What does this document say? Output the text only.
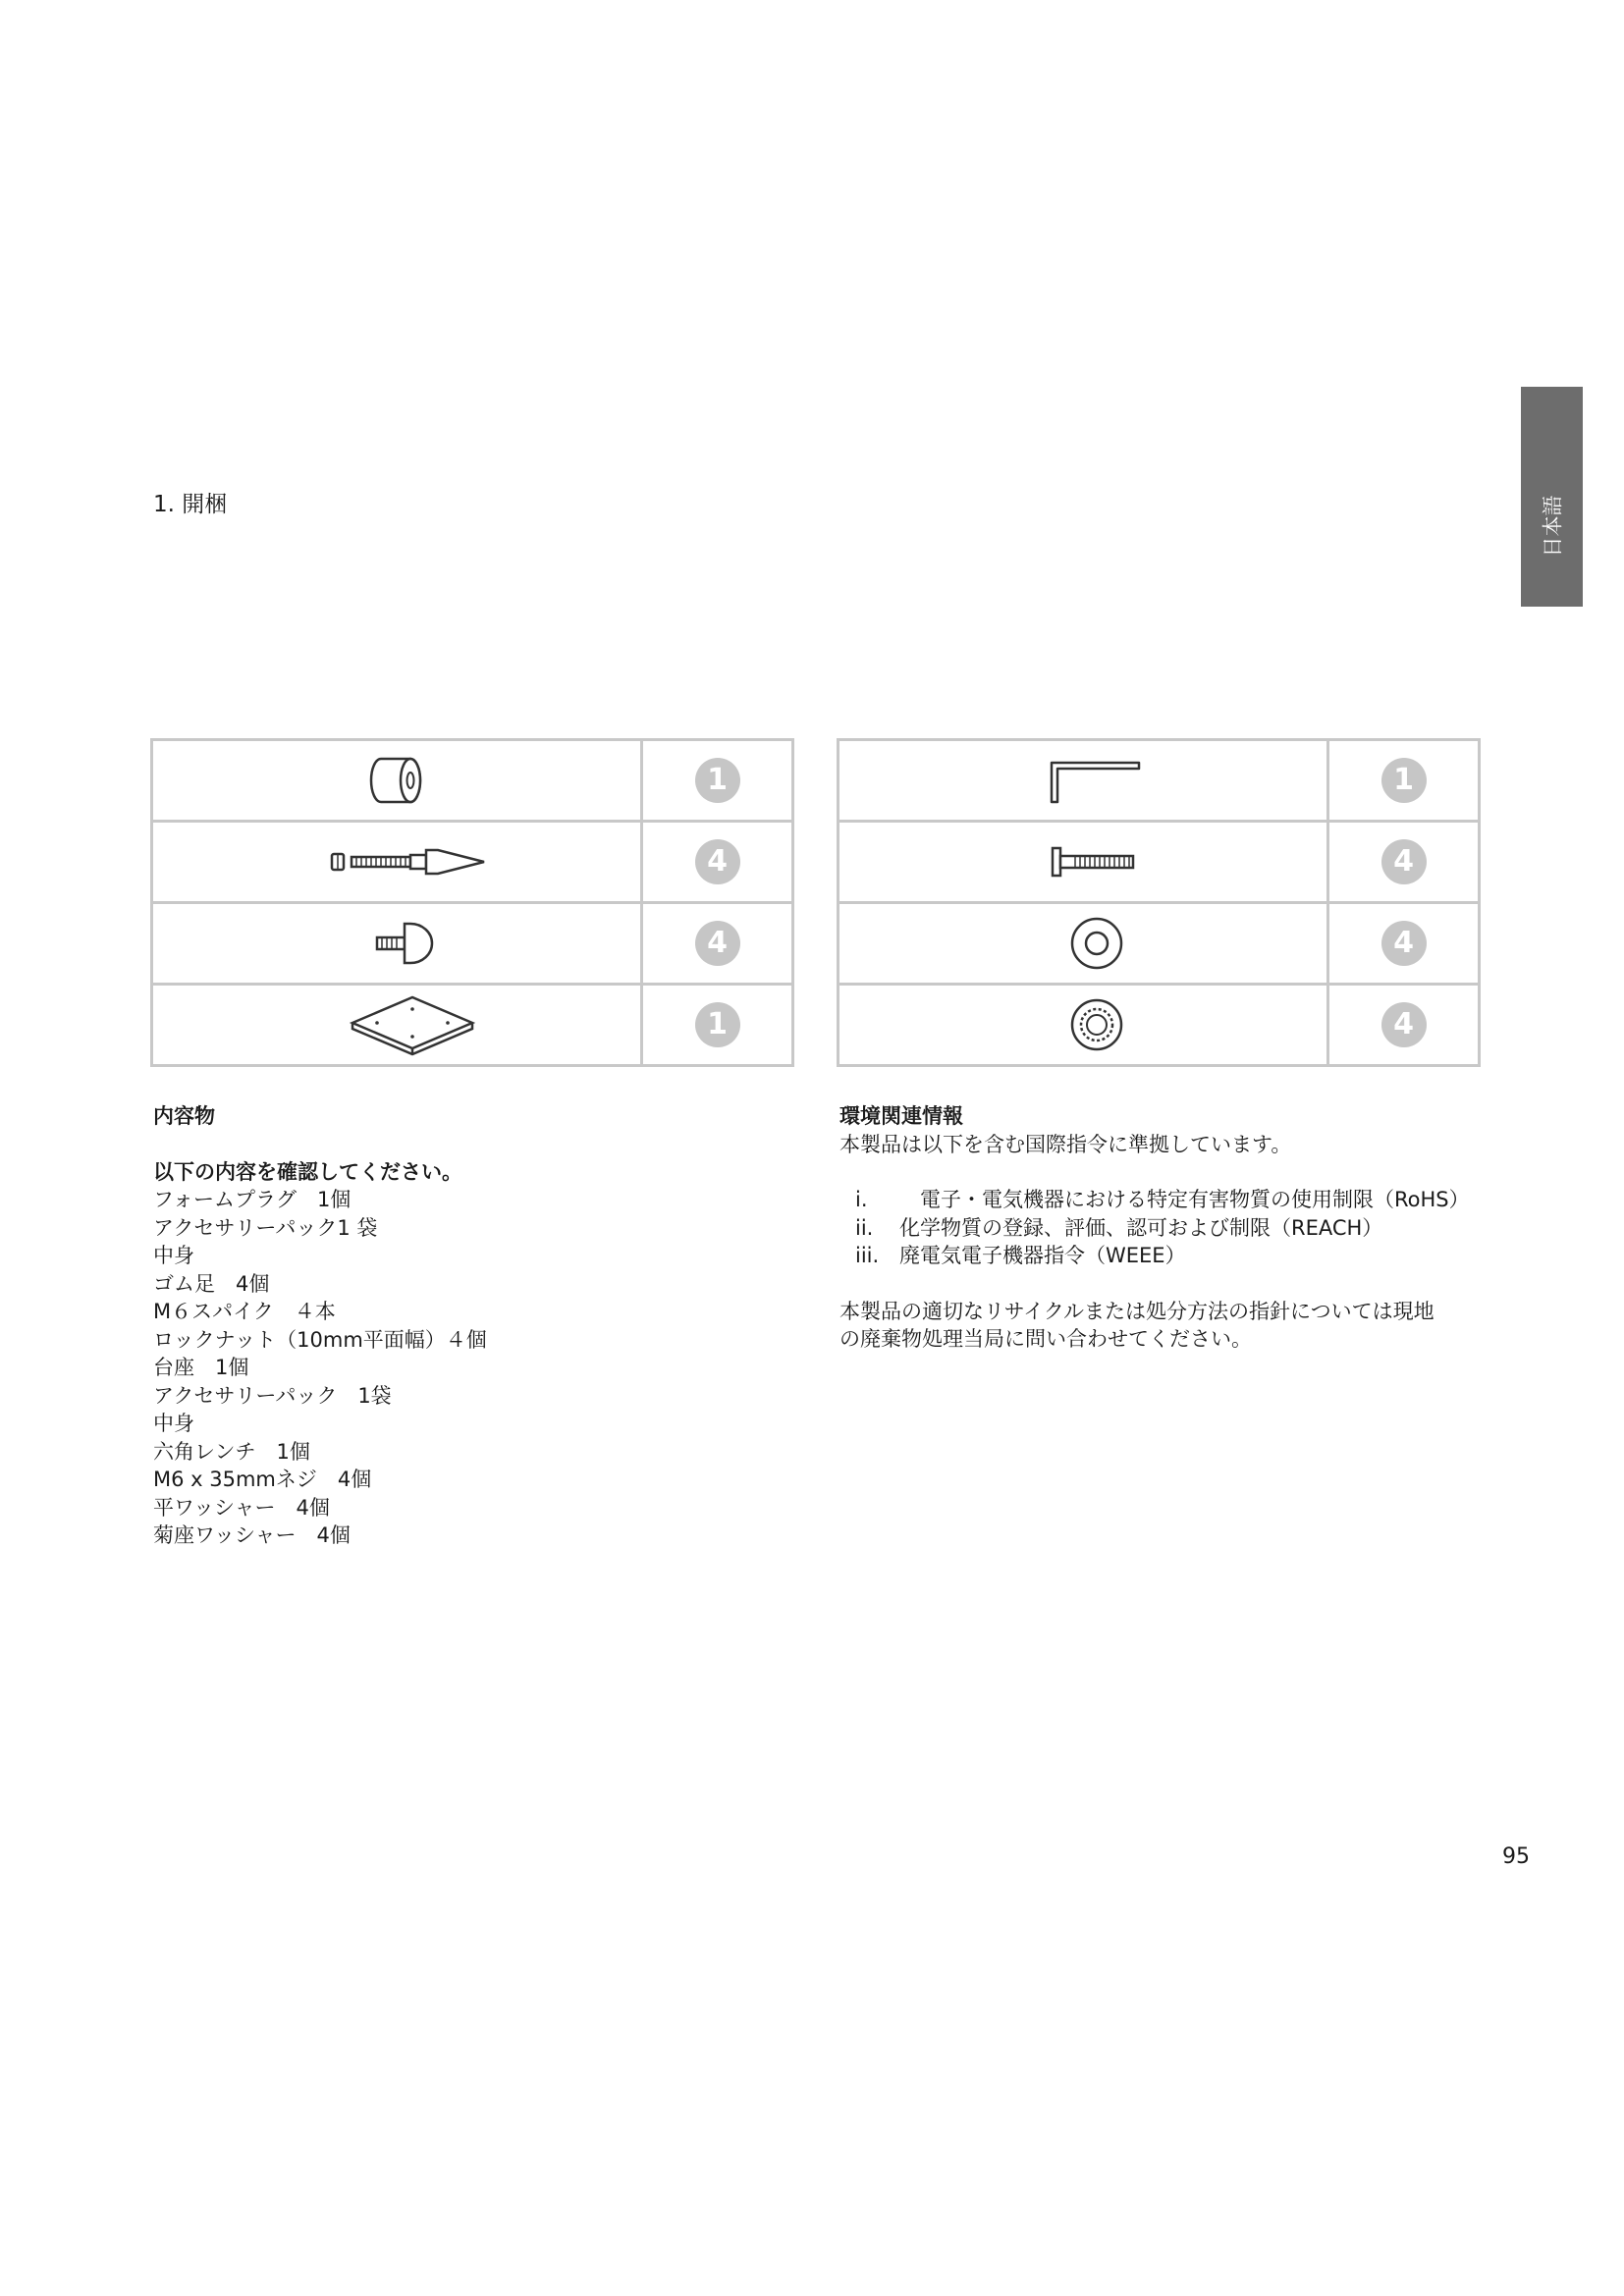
日本語
1. 開梱
1
4
4
1
1
4
4
4

内容物

以下の内容を確認してください。

フォームプラグ　1個

アクセサリーパック1 袋

中身

ゴム足　4個

M６スパイク　４本

ロックナット（10mm平面幅）４個

台座　1個

アクセサリーパック　1袋

中身

六角レンチ　1個

M6 x 35mmネジ　4個

平ワッシャー　4個

菊座ワッシャー　4個

環境関連情報

本製品は以下を含む国際指令に準拠しています。

i.	　電子・電気機器における特定有害物質の使用制限（RoHS）

ii.	化学物質の登録、評価、認可および制限（REACH）

iii. 廃電気電子機器指令（WEEE）

本製品の適切なリサイクルまたは処分方法の指針については現地

の廃棄物処理当局に問い合わせてください。

95
